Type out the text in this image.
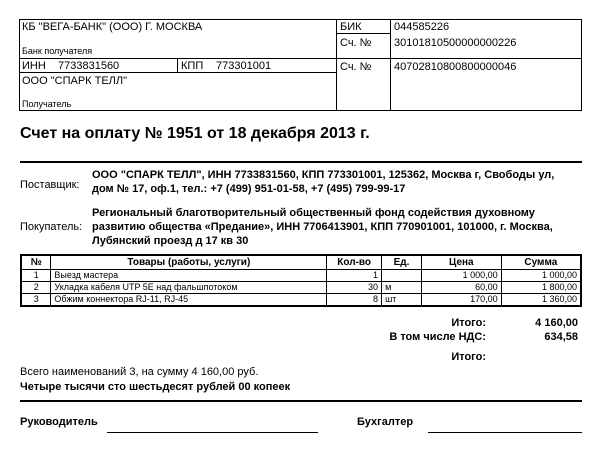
КБ "ВЕГА-БАНК" (ООО) Г. МОСКВА
Банк получателя
БИК	044585226
Сч. № 30101810500000000226
ИНН 7733831560	КПП 773301001	Сч. № 40702810800800000046
ООО "СПАРК ТЕЛЛ"
Получатель
Счет на оплату № 1951 от 18 декабря 2013 г.
Поставщик:
ООО "СПАРК ТЕЛЛ", ИНН 7733831560, КПП 773301001, 125362, Москва г, Свободы ул,
дом № 17, оф.1, тел.: +7 (499) 951-01-58, +7 (495) 799-99-17
Покупатель:
Региональный благотворительный общественный фонд содействия духовному
развитию общества «Предание», ИНН 7706413901, КПП 770901001, 101000, г. Москва,
Лубянский проезд д 17 кв 30
№	Товары (работы, услуги)	Кол-во	Ед.	Цена	Сумма
1	Выезд мастера	1		1 000,00	1 000,00
2	Укладка кабеля UTP 5E над фальшпотоком	30	м	60,00	1 800,00
3	Обжим коннектора RJ-11, RJ-45	8	шт	170,00	1 360,00
Итого:	4 160,00
В том числе НДС:	634,58
Итого:
Всего наименований 3, на сумму 4 160,00 руб.
Четыре тысячи сто шестьдесят рублей 00 копеек
Руководитель	Бухгалтер
